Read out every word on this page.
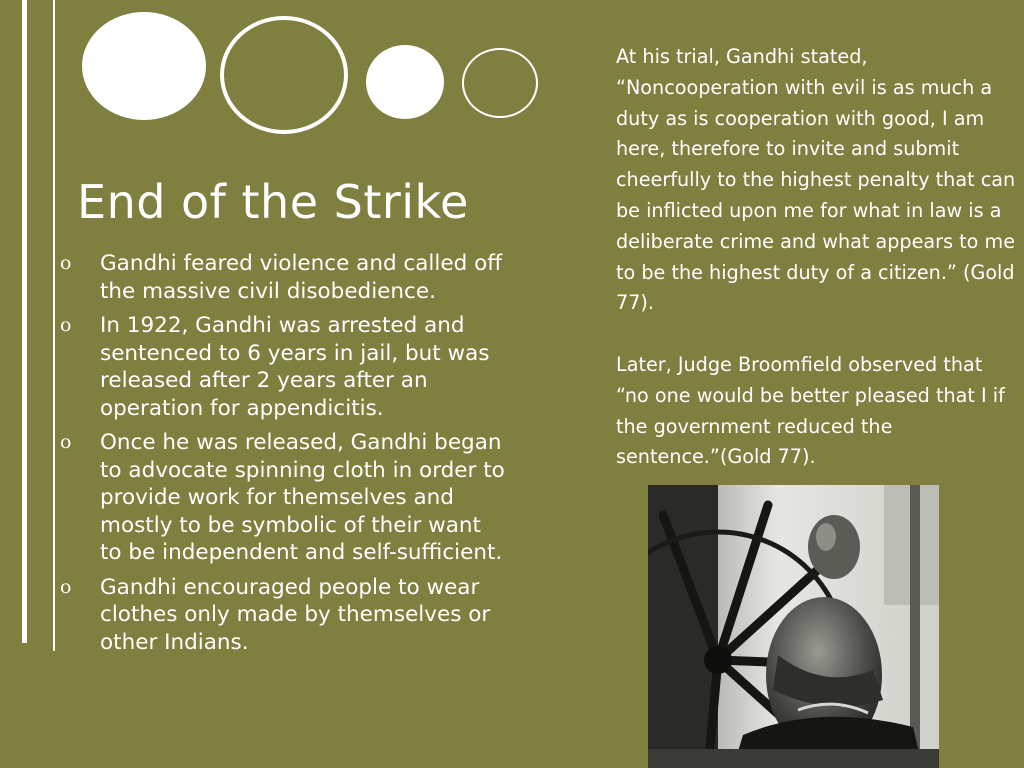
End of the Strike
o Gandhi feared violence and called off the massive civil disobedience.
o In 1922, Gandhi was arrested and sentenced to 6 years in jail, but was released after 2 years after an operation for appendicitis.
o Once he was released, Gandhi began to advocate spinning cloth in order to provide work for themselves and mostly to be symbolic of their want to be independent and self-sufficient.
o Gandhi encouraged people to wear clothes only made by themselves or other Indians.

At his trial, Gandhi stated, “Noncooperation with evil is as much a duty as is cooperation with good, I am here, therefore to invite and submit cheerfully to the highest penalty that can be inflicted upon me for what in law is a deliberate crime and what appears to me to be the highest duty of a citizen.” (Gold 77).

Later, Judge Broomfield observed that “no one would be better pleased that I if the government reduced the sentence.”(Gold 77).
